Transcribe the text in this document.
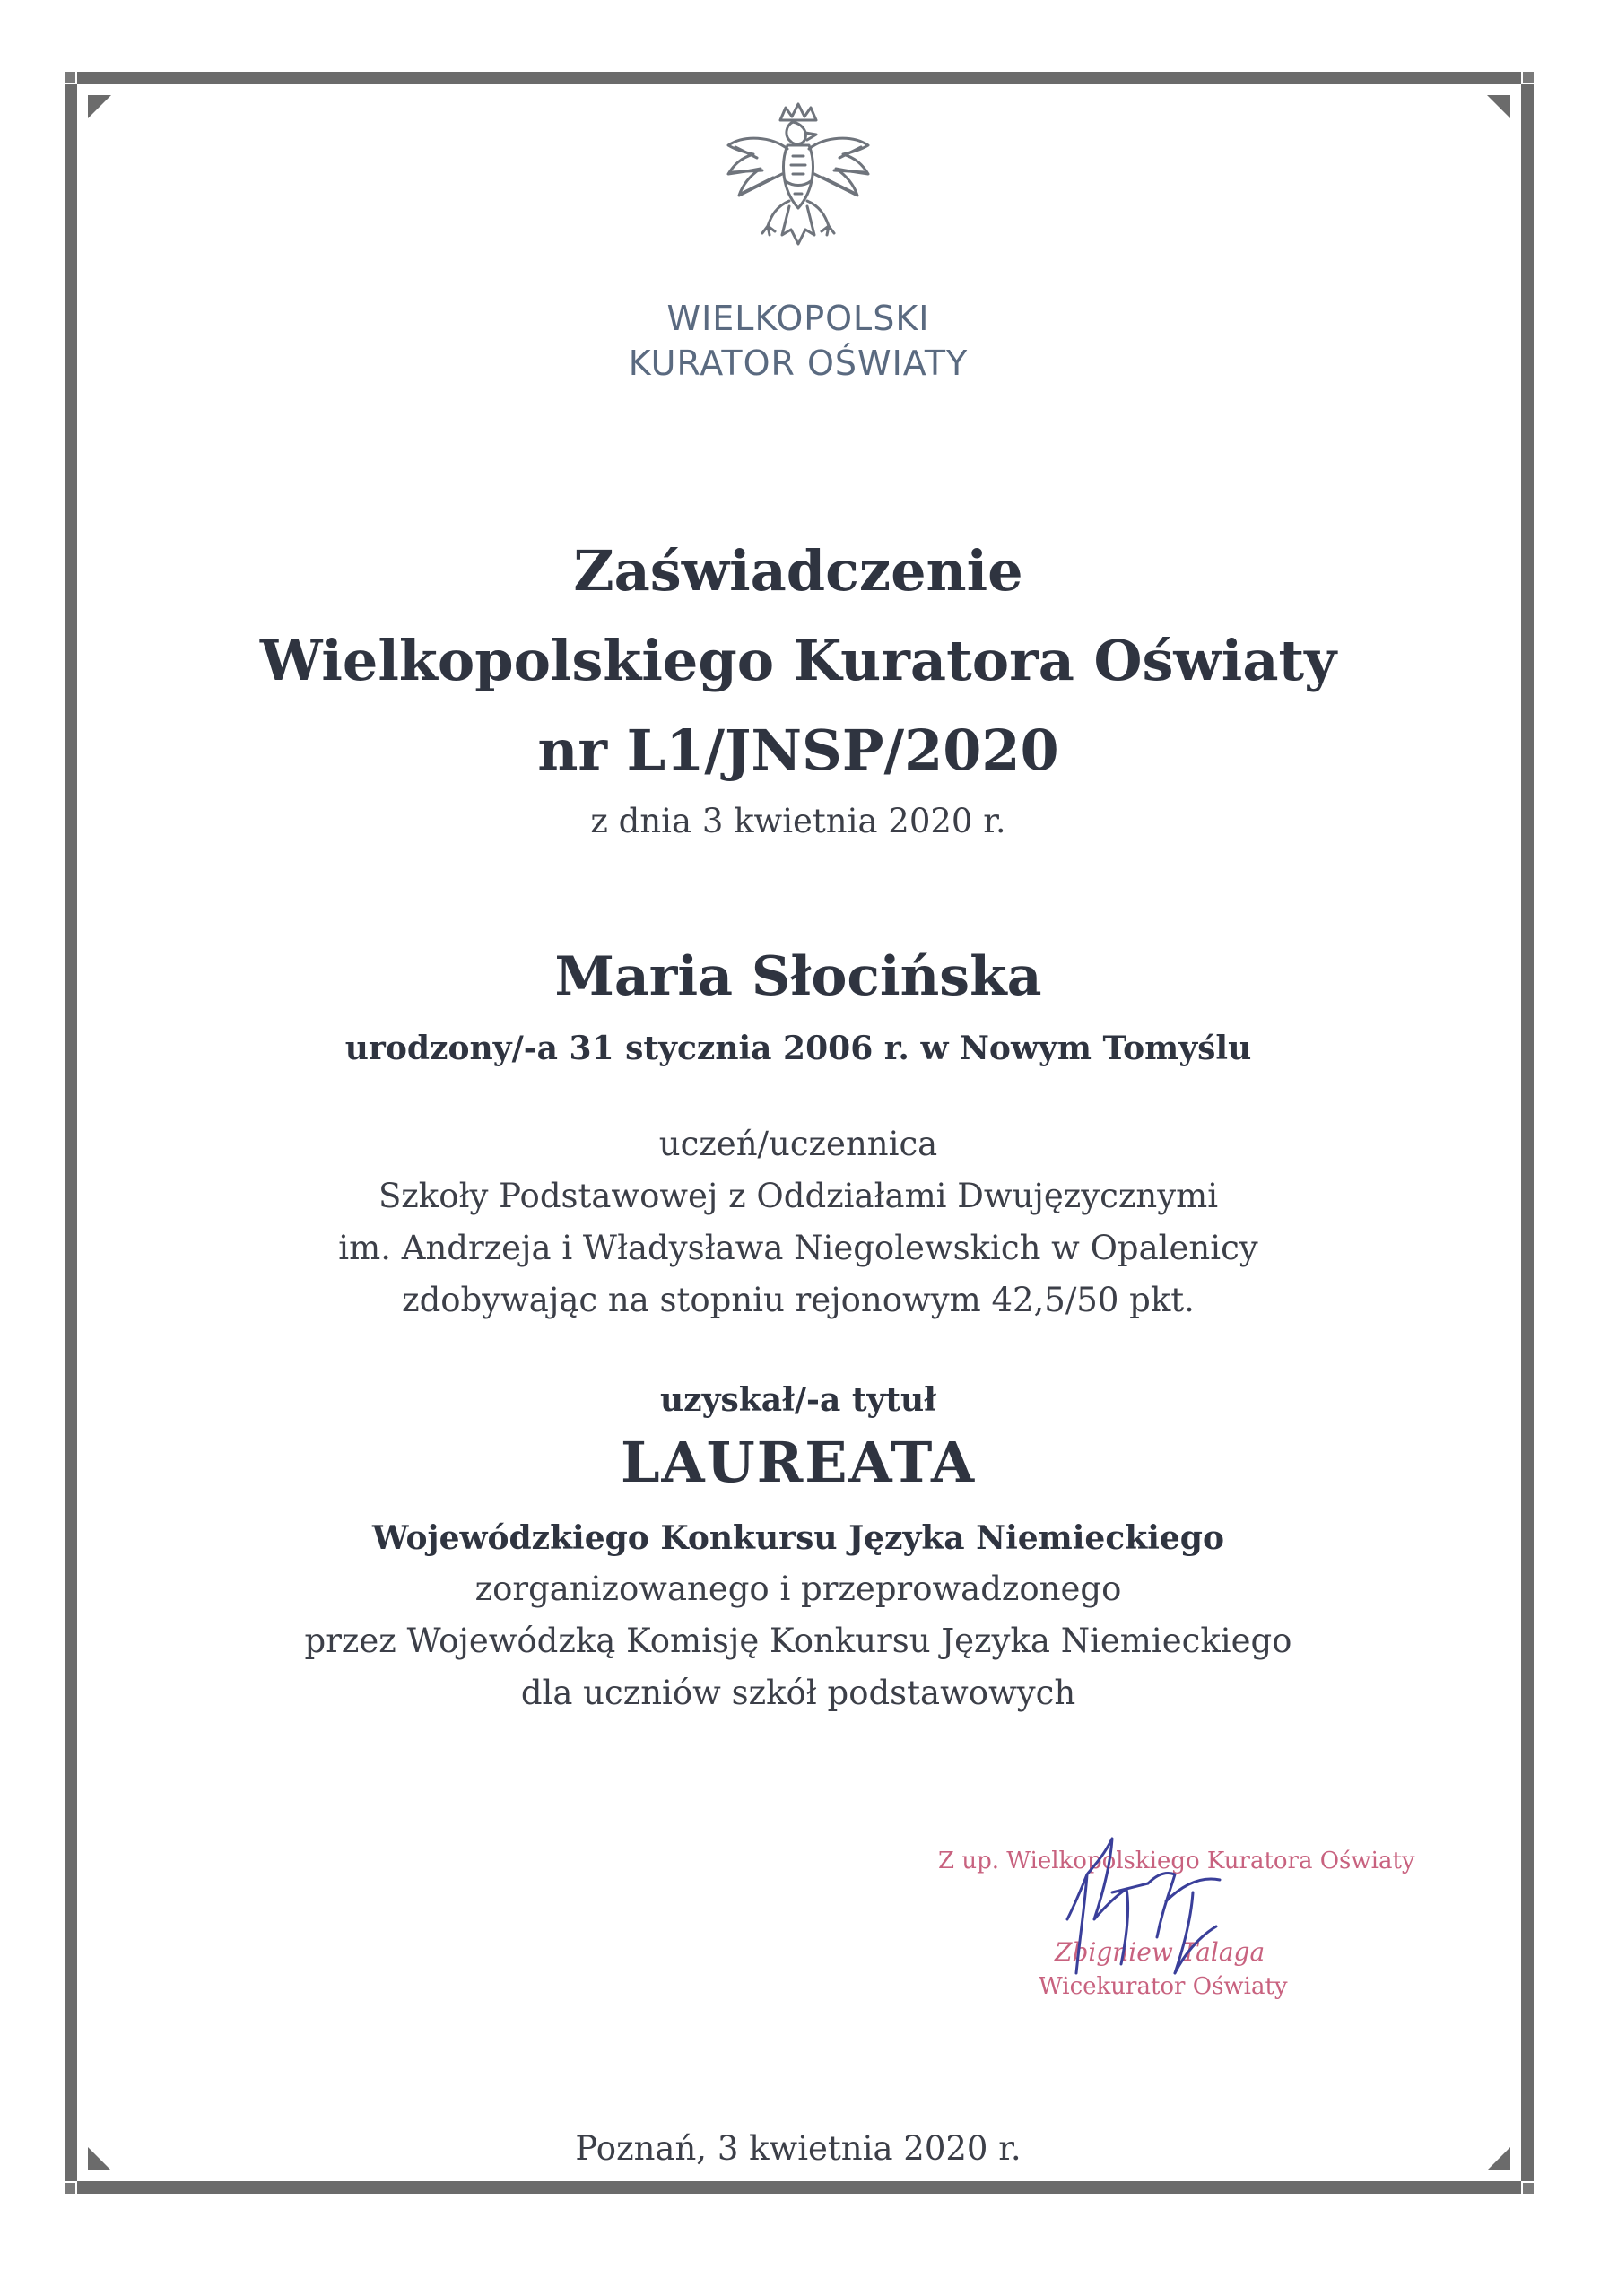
WIELKOPOLSKI
KURATOR OŚWIATY
Zaświadczenie
Wielkopolskiego Kuratora Oświaty
nr L1/JNSP/2020
z dnia 3 kwietnia 2020 r.
Maria Słocińska
urodzony/-a 31 stycznia 2006 r. w Nowym Tomyślu
uczeń/uczennica
Szkoły Podstawowej z Oddziałami Dwujęzycznymi
im. Andrzeja i Władysława Niegolewskich w Opalenicy
zdobywając na stopniu rejonowym 42,5/50 pkt.
uzyskał/-a tytuł
LAUREATA
Wojewódzkiego Konkursu Języka Niemieckiego
zorganizowanego i przeprowadzonego
przez Wojewódzką Komisję Konkursu Języka Niemieckiego
dla uczniów szkół podstawowych
Poznań, 3 kwietnia 2020 r.
Z up. Wielkopolskiego Kuratora Oświaty
Zbigniew Talaga
Wicekurator Oświaty
